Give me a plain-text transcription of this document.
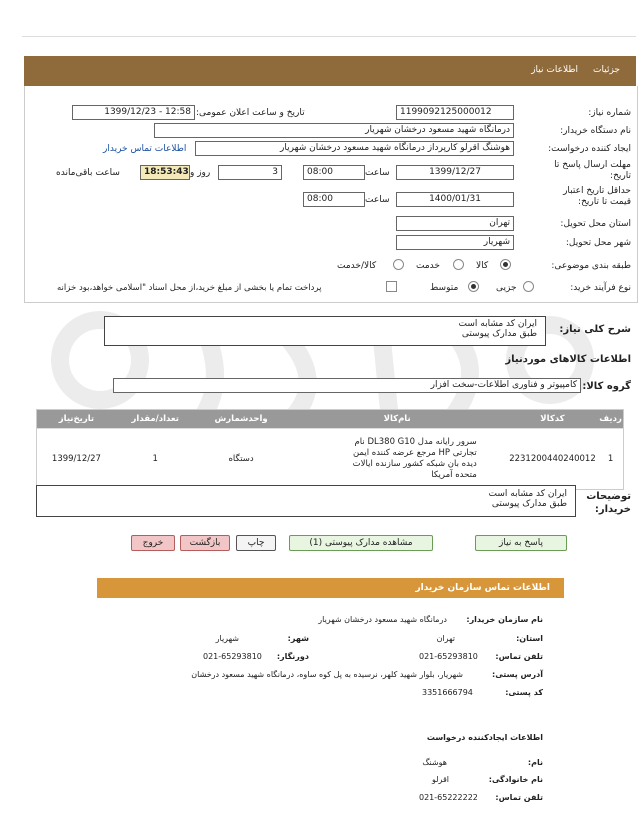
جزئیات
اطلاعات نیاز
شماره نیاز:
1199092125000012
تاریخ و ساعت اعلان عمومی:
1399/12/23 - 12:58
نام دستگاه خریدار:
درمانگاه شهید مسعود درخشان شهریار
ایجاد کننده درخواست:
هوشنگ اقرلو کارپرداز درمانگاه شهید مسعود درخشان شهریار
اطلاعات تماس خریدار
مهلت ارسال پاسخ تا تاریخ:
1399/12/27
ساعت
08:00
3
روز و
18:53:43
ساعت باقی‌مانده
حداقل تاریخ اعتبار قیمت تا تاریخ:
1400/01/31
ساعت
08:00
استان محل تحویل:
تهران
شهر محل تحویل:
شهریار
طبقه بندی موضوعی:
کالا
خدمت
کالا/خدمت
نوع فرآیند خرید:
جزیی
متوسط
پرداخت تمام یا بخشی از مبلغ خرید،از محل اسناد "اسلامی خواهد،بود خزانه
شرح کلی نیاز:
ایران کد مشابه است
طبق مدارک پیوستی
اطلاعات کالاهای موردنیاز
گروه کالا:
کامپیوتر و فناوری اطلاعات-سخت افزار
ردیف	کدکالا	نام‌کالا	واحدشمارش	تعداد/مقدار	تاریخ‌نیاز
1	2231200440240012	سرور رایانه مدل DL380 G10 نام تجارتی HP مرجع عرضه کننده ایمن دیده بان شبکه کشور سازنده ایالات متحده آمریکا	دستگاه	1	1399/12/27
توضیحات خریدار:
ایران کد مشابه است
طبق مدارک پیوستی
پاسخ به نیاز
مشاهده مدارک پیوستی (1)
چاپ
بازگشت
خروج
اطلاعات تماس سازمان خریدار
نام سازمان خریدار:
درمانگاه شهید مسعود درخشان شهریار
استان:
تهران
شهر:
شهریار
تلفن تماس:
021-65293810
دورنگار:
021-65293810
آدرس پستی:
شهریار، بلوار شهید کلهر، نرسیده به پل کوه ساوه، درمانگاه شهید مسعود درخشان
کد پستی:
3351666794
اطلاعات ایجادکننده درخواست
نام:
هوشنگ
نام خانوادگی:
اقرلو
تلفن تماس:
021-65222222
